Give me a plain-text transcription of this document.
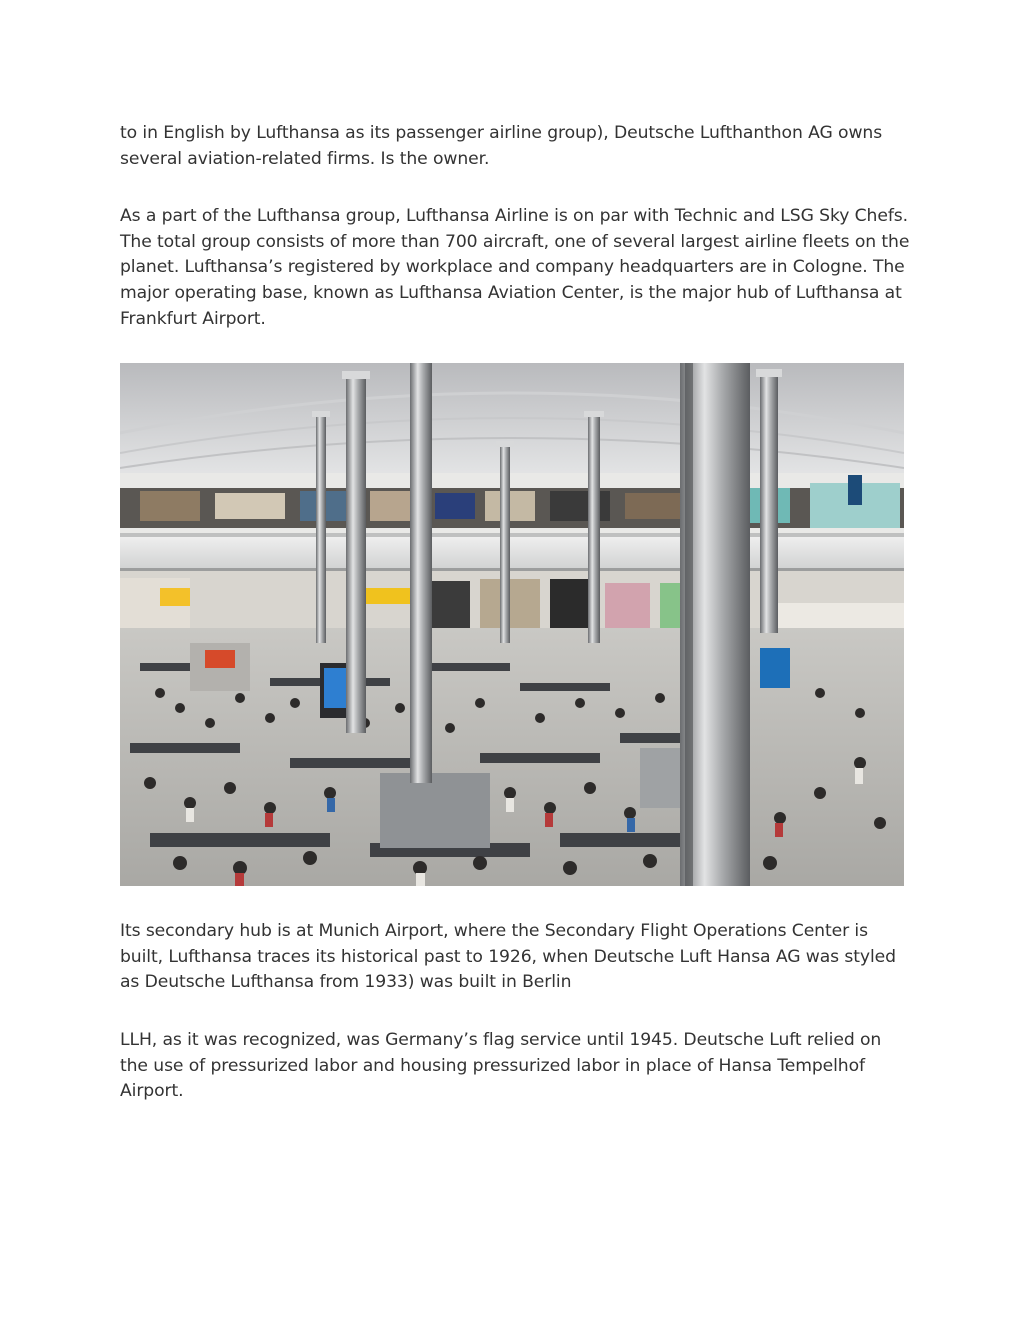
to in English by Lufthansa as its passenger airline group), Deutsche Lufthanthon AG owns several aviation-related firms. Is the owner.

As a part of the Lufthansa group, Lufthansa Airline is on par with Technic and LSG Sky Chefs. The total group consists of more than 700 aircraft, one of several largest airline fleets on the planet. Lufthansa’s registered by workplace and company headquarters are in Cologne. The major operating base, known as Lufthansa Aviation Center, is the major hub of Lufthansa at Frankfurt Airport.

Its secondary hub is at Munich Airport, where the Secondary Flight Operations Center is built, Lufthansa traces its historical past to 1926, when Deutsche Luft Hansa AG was styled as Deutsche Lufthansa from 1933) was built in Berlin

LLH, as it was recognized, was Germany’s flag service until 1945. Deutsche Luft relied on the use of pressurized labor and housing pressurized labor in place of Hansa Tempelhof Airport.
